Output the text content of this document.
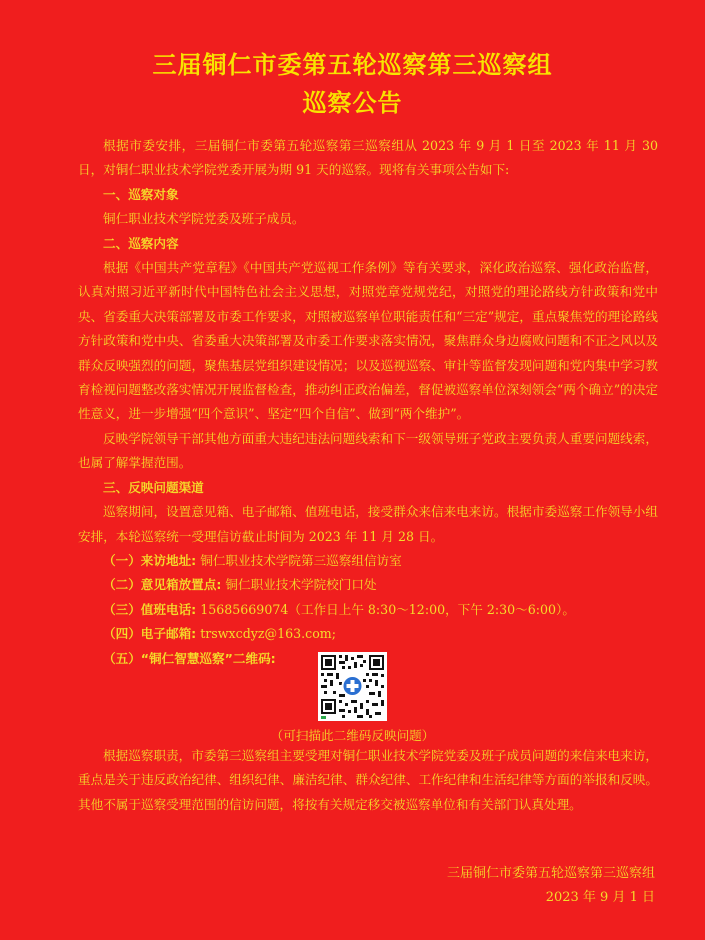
三届铜仁市委第五轮巡察第三巡察组
巡察公告

根据市委安排，三届铜仁市委第五轮巡察第三巡察组从 2023 年 9 月 1 日至 2023 年 11 月 30 日，对铜仁职业技术学院党委开展为期 91 天的巡察。现将有关事项公告如下:

一、巡察对象

铜仁职业技术学院党委及班子成员。

二、巡察内容

根据《中国共产党章程》《中国共产党巡视工作条例》等有关要求，深化政治巡察、强化政治监督，认真对照习近平新时代中国特色社会主义思想，对照党章党规党纪，对照党的理论路线方针政策和党中央、省委重大决策部署及市委工作要求，对照被巡察单位职能责任和“三定”规定，重点聚焦党的理论路线方针政策和党中央、省委重大决策部署及市委工作要求落实情况，聚焦群众身边腐败问题和不正之风以及群众反映强烈的问题，聚焦基层党组织建设情况；以及巡视巡察、审计等监督发现问题和党内集中学习教育检视问题整改落实情况开展监督检查，推动纠正政治偏差，督促被巡察单位深刻领会“两个确立”的决定性意义，进一步增强“四个意识”、坚定“四个自信”、做到“两个维护”。

反映学院领导干部其他方面重大违纪违法问题线索和下一级领导班子党政主要负责人重要问题线索，也属了解掌握范围。

三、反映问题渠道

巡察期间，设置意见箱、电子邮箱、值班电话，接受群众来信来电来访。根据市委巡察工作领导小组安排，本轮巡察统一受理信访截止时间为 2023 年 11 月 28 日。

（一）来访地址: 铜仁职业技术学院第三巡察组信访室

（二）意见箱放置点: 铜仁职业技术学院校门口处

（三）值班电话: 15685669074（工作日上午 8:30～12:00，下午 2:30～6:00）。

（四）电子邮箱: trswxcdyz@163.com;

（五）“铜仁智慧巡察”二维码:

（可扫描此二维码反映问题）

根据巡察职责，市委第三巡察组主要受理对铜仁职业技术学院党委及班子成员问题的来信来电来访，重点是关于违反政治纪律、组织纪律、廉洁纪律、群众纪律、工作纪律和生活纪律等方面的举报和反映。其他不属于巡察受理范围的信访问题，将按有关规定移交被巡察单位和有关部门认真处理。

三届铜仁市委第五轮巡察第三巡察组
2023 年 9 月 1 日
